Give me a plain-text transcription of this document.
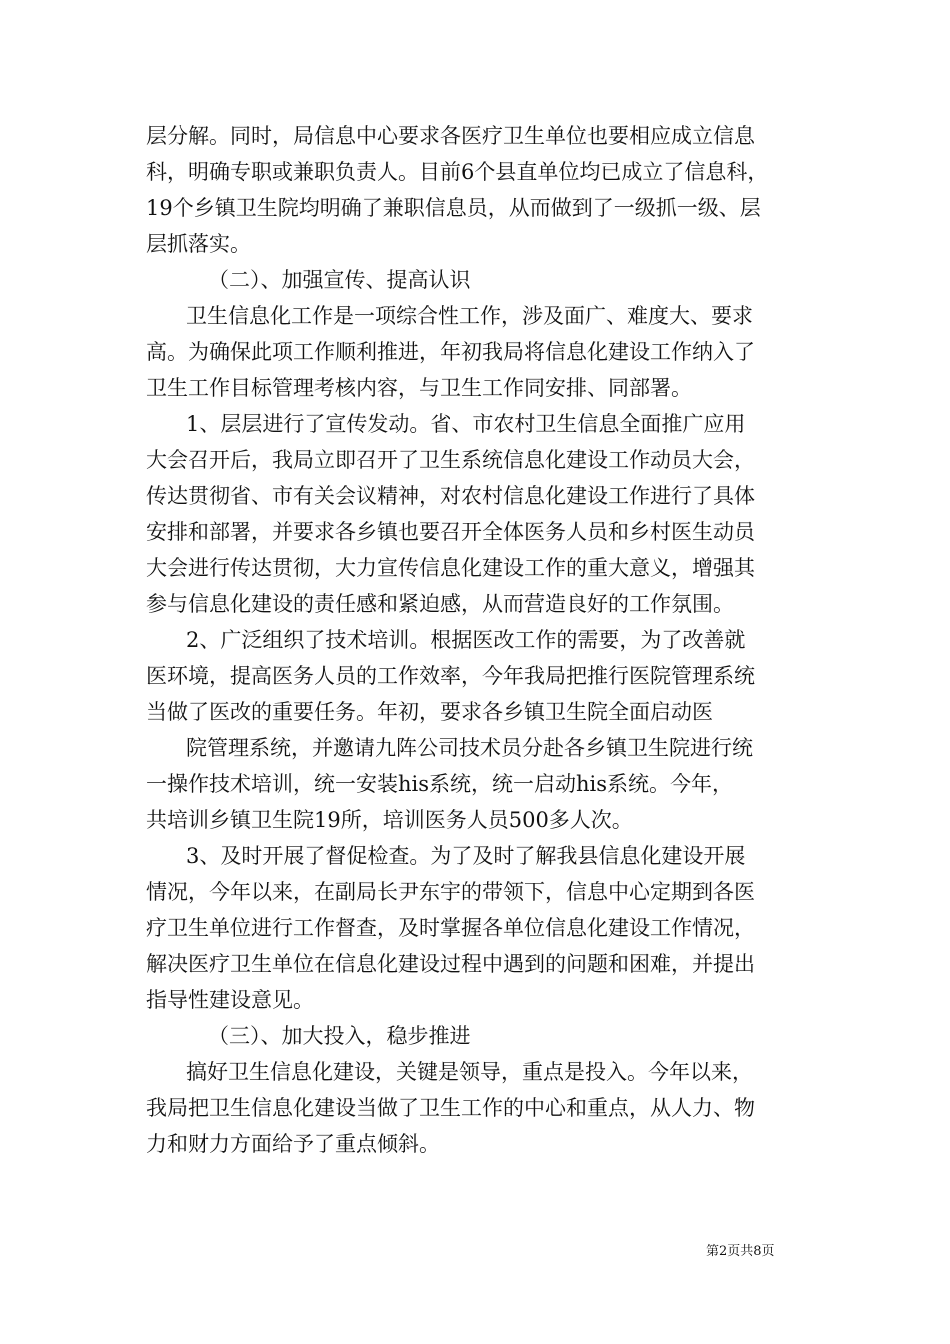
层分解。同时，局信息中心要求各医疗卫生单位也要相应成立信息
科，明确专职或兼职负责人。目前6个县直单位均已成立了信息科，
19个乡镇卫生院均明确了兼职信息员，从而做到了一级抓一级、层
层抓落实。
（二）、加强宣传、提高认识
卫生信息化工作是一项综合性工作，涉及面广、难度大、要求
高。为确保此项工作顺利推进，年初我局将信息化建设工作纳入了
卫生工作目标管理考核内容，与卫生工作同安排、同部署。
1、层层进行了宣传发动。省、市农村卫生信息全面推广应用
大会召开后，我局立即召开了卫生系统信息化建设工作动员大会，
传达贯彻省、市有关会议精神，对农村信息化建设工作进行了具体
安排和部署，并要求各乡镇也要召开全体医务人员和乡村医生动员
大会进行传达贯彻，大力宣传信息化建设工作的重大意义，增强其
参与信息化建设的责任感和紧迫感，从而营造良好的工作氛围。
2、广泛组织了技术培训。根据医改工作的需要，为了改善就
医环境，提高医务人员的工作效率，今年我局把推行医院管理系统
当做了医改的重要任务。年初，要求各乡镇卫生院全面启动医
院管理系统，并邀请九阵公司技术员分赴各乡镇卫生院进行统
一操作技术培训，统一安装his系统，统一启动his系统。今年，
共培训乡镇卫生院19所，培训医务人员500多人次。
3、及时开展了督促检查。为了及时了解我县信息化建设开展
情况，今年以来，在副局长尹东宇的带领下，信息中心定期到各医
疗卫生单位进行工作督查，及时掌握各单位信息化建设工作情况，
解决医疗卫生单位在信息化建设过程中遇到的问题和困难，并提出
指导性建设意见。
（三）、加大投入，稳步推进
搞好卫生信息化建设，关键是领导，重点是投入。今年以来，
我局把卫生信息化建设当做了卫生工作的中心和重点，从人力、物
力和财力方面给予了重点倾斜。
第2页共8页
